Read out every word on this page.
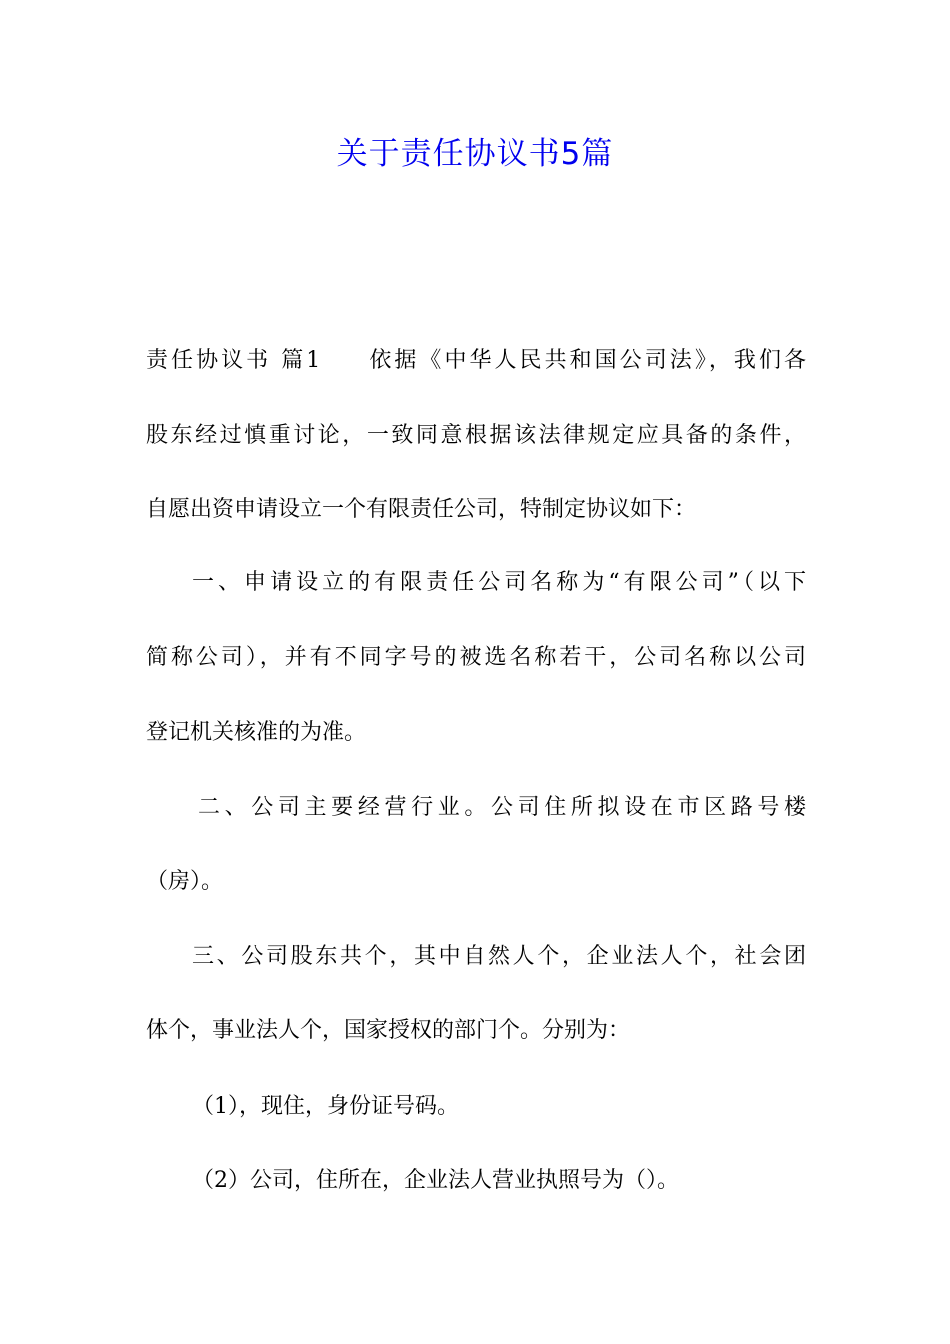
关于责任协议书5篇

责任协议书 篇1 依据《中华人民共和国公司法》，我们各

股东经过慎重讨论，一致同意根据该法律规定应具备的条件，

自愿出资申请设立一个有限责任公司，特制定协议如下：

一、申请设立的有限责任公司名称为“有限公司”（以下

简称公司），并有不同字号的被选名称若干，公司名称以公司

登记机关核准的为准。

二、公司主要经营行业。公司住所拟设在市区路号楼

（房）。

三、公司股东共个，其中自然人个，企业法人个，社会团

体个，事业法人个，国家授权的部门个。分别为：

（1），现住，身份证号码。

（2）公司，住所在，企业法人营业执照号为（）。
